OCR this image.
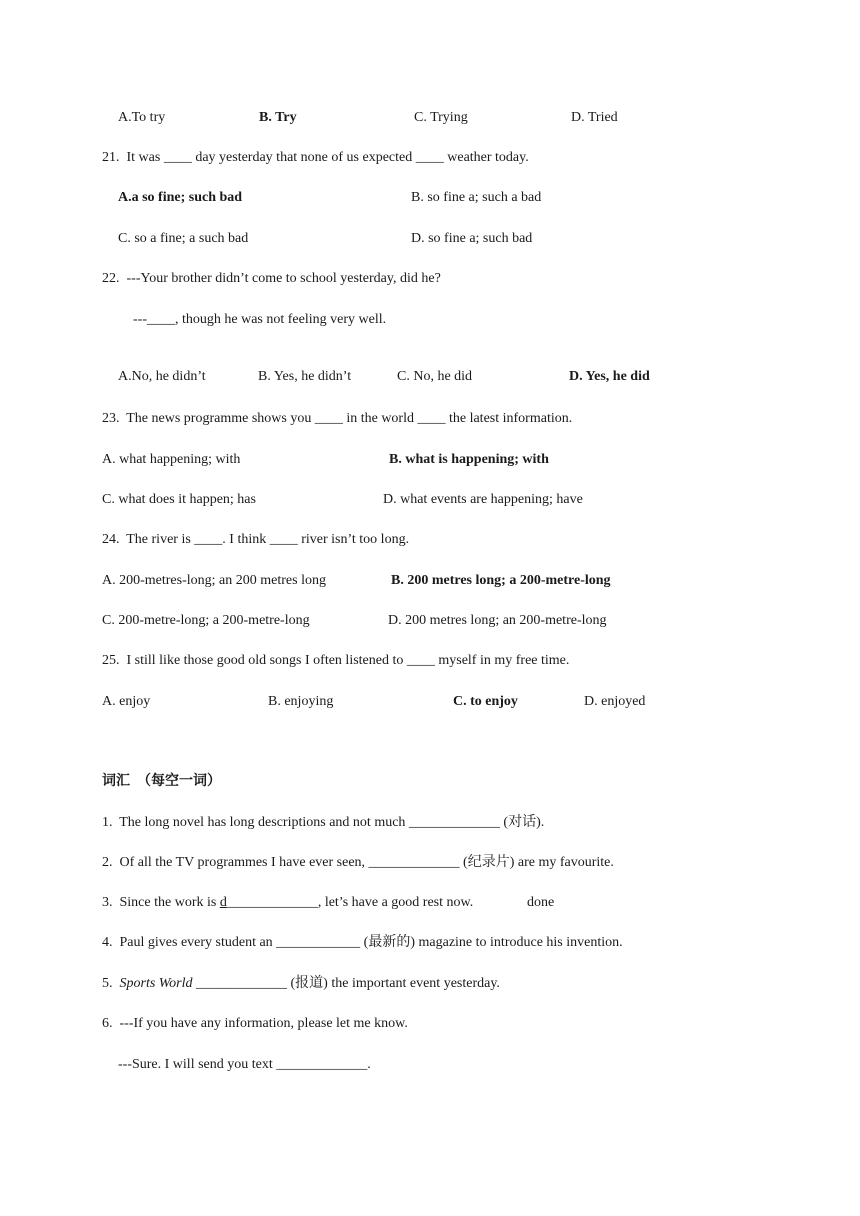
A.To try	B. Try	C. Trying	D. Tried
21.  It was ____ day yesterday that none of us expected ____ weather today.
A.a so fine; such bad	B. so fine a; such a bad
C. so a fine; a such bad	D. so fine a; such bad
22.  ---Your brother didn’t come to school yesterday, did he?
---____, though he was not feeling very well.
A.No, he didn’t	B. Yes, he didn’t	C. No, he did	D. Yes, he did
23.  The news programme shows you ____ in the world ____ the latest information.
A. what happening; with	B. what is happening; with
C. what does it happen; has	D. what events are happening; have
24.  The river is ____. I think ____ river isn’t too long.
A. 200-metres-long; an 200 metres long	B. 200 metres long; a 200-metre-long
C. 200-metre-long; a 200-metre-long	D. 200 metres long; an 200-metre-long
25.  I still like those good old songs I often listened to ____ myself in my free time.
A. enjoy	B. enjoying	C. to enjoy	D. enjoyed
词汇  （每空一词）
1.  The long novel has long descriptions and not much _____________ (对话).
2.  Of all the TV programmes I have ever seen, _____________ (纪录片) are my favourite.
3.  Since the work is d_____________, let’s have a good rest now.	done
4.  Paul gives every student an ____________ (最新的) magazine to introduce his invention.
5.  Sports World _____________ (报道) the important event yesterday.
6.  ---If you have any information, please let me know.
---Sure. I will send you text _____________.
